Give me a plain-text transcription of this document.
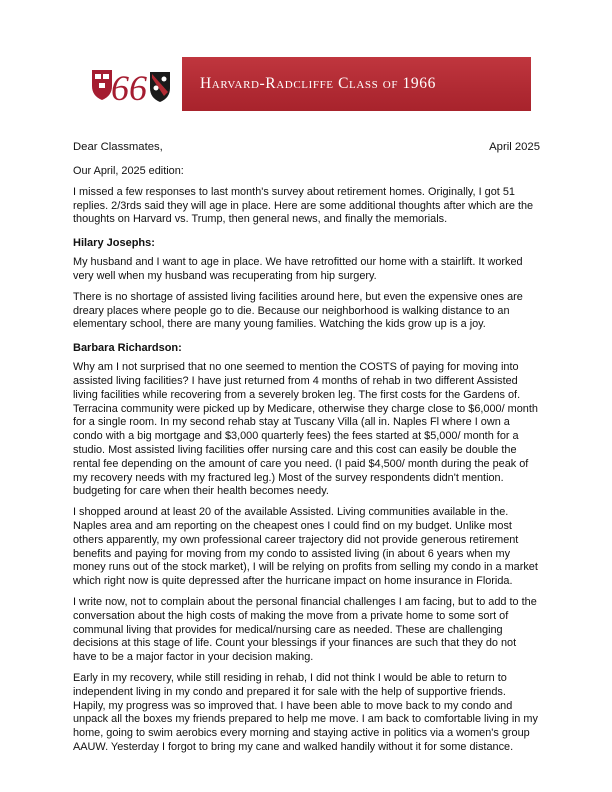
66	Harvard-Radcliffe Class of 1966
Dear Classmates,	April 2025

Our April, 2025 edition:

I missed a few responses to last month's survey about retirement homes. Originally, I got 51 replies. 2/3rds said they will age in place. Here are some additional thoughts after which are the thoughts on Harvard vs. Trump, then general news, and finally the memorials.

Hilary Josephs:

My husband and I want to age in place. We have retrofitted our home with a stairlift. It worked very well when my husband was recuperating from hip surgery.

There is no shortage of assisted living facilities around here, but even the expensive ones are dreary places where people go to die. Because our neighborhood is walking distance to an elementary school, there are many young families. Watching the kids grow up is a joy.

Barbara Richardson:

Why am I not surprised that no one seemed to mention the COSTS of paying for moving into assisted living facilities? I have just returned from 4 months of rehab in two different Assisted living facilities while recovering from a severely broken leg. The first costs for the Gardens of. Terracina community were picked up by Medicare, otherwise they charge close to $6,000/ month for a single room. In my second rehab stay at Tuscany Villa (all in. Naples Fl where I own a condo with a big mortgage and $3,000 quarterly fees) the fees started at $5,000/ month for a studio. Most assisted living facilities offer nursing care and this cost can easily be double the rental fee depending on the amount of care you need. (I paid $4,500/ month during the peak of my recovery needs with my fractured leg.) Most of the survey respondents didn't mention. budgeting for care when their health becomes needy.

I shopped around at least 20 of the available Assisted. Living communities available in the. Naples area and am reporting on the cheapest ones I could find on my budget. Unlike most others apparently, my own professional career trajectory did not provide generous retirement benefits and paying for moving from my condo to assisted living (in about 6 years when my money runs out of the stock market), I will be relying on profits from selling my condo in a market which right now is quite depressed after the hurricane impact on home insurance in Florida.

I write now, not to complain about the personal financial challenges I am facing, but to add to the conversation about the high costs of making the move from a private home to some sort of communal living that provides for medical/nursing care as needed. These are challenging decisions at this stage of life. Count your blessings if your finances are such that they do not have to be a major factor in your decision making.

Early in my recovery, while still residing in rehab, I did not think I would be able to return to independent living in my condo and prepared it for sale with the help of supportive friends. Hapily, my progress was so improved that. I have been able to move back to my condo and unpack all the boxes my friends prepared to help me move. I am back to comfortable living in my home, going to swim aerobics every morning and staying active in politics via a women's group AAUW. Yesterday I forgot to bring my cane and walked handily without it for some distance.
